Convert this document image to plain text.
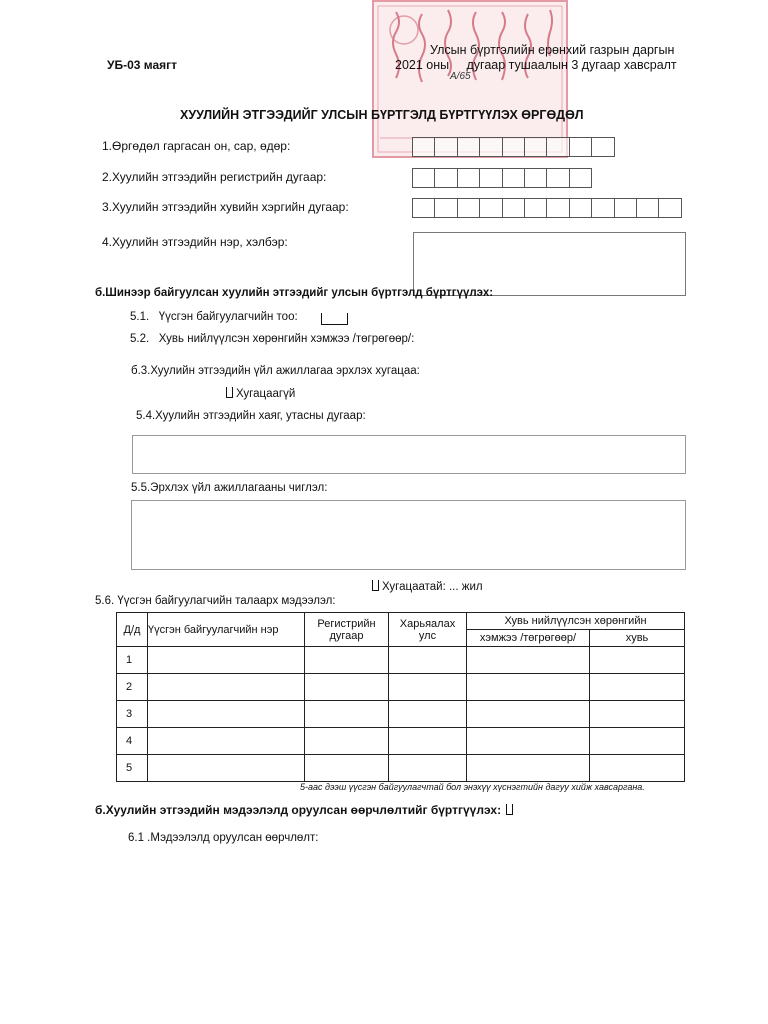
УБ-03 маягт
Улсын бүртгэлийн ерөнхий газрын даргын
2021 оны     дугаар тушаалын 3 дугаар хавсралт
А/65
ХУУЛИЙН ЭТГЭЭДИЙГ УЛСЫН БҮРТГЭЛД БҮРТГҮҮЛЭХ ӨРГӨДӨЛ
1.Өргөдөл гаргасан он, сар, өдөр:
2.Хуулийн этгээдийн регистрийн дугаар:
3.Хуулийн этгээдийн хувийн хэргийн дугаар:
4.Хуулийн этгээдийн нэр, хэлбэр:
б.Шинээр байгуулсан хуулийн этгээдийг улсын бүртгэлд бүртгүүлэх:
5.1.   Үүсгэн байгуулагчийн тоо:
5.2.   Хувь нийлүүлсэн хөрөнгийн хэмжээ /төгрөгөөр/:
б.3.Хуулийн этгээдийн үйл ажиллагаа эрхлэх хугацаа:
Хугацаагүй
5.4.Хуулийн этгээдийн хаяг, утасны дугаар:
5.5.Эрхлэх үйл ажиллагааны чиглэл:
Хугацаатай: ... жил
5.6. Үүсгэн байгуулагчийн талаарх мэдээлэл:
Д/д	Үүсгэн байгуулагчийн нэр	Регистрийн дугаар	Харьяалах улс	Хувь нийлүүлсэн хөрөнгийн	
				хэмжээ /төгрөгөөр/	хувь
1					
2					
3					
4					
5					
5-аас дээш үүсгэн байгуулагчтай бол энэхүү хүснэгтийн дагуу хийж хавсаргана.
б.Хуулийн этгээдийн мэдээлэлд оруулсан өөрчлөлтийг бүртгүүлэх:
6.1 .Мэдээлэлд оруулсан өөрчлөлт:
